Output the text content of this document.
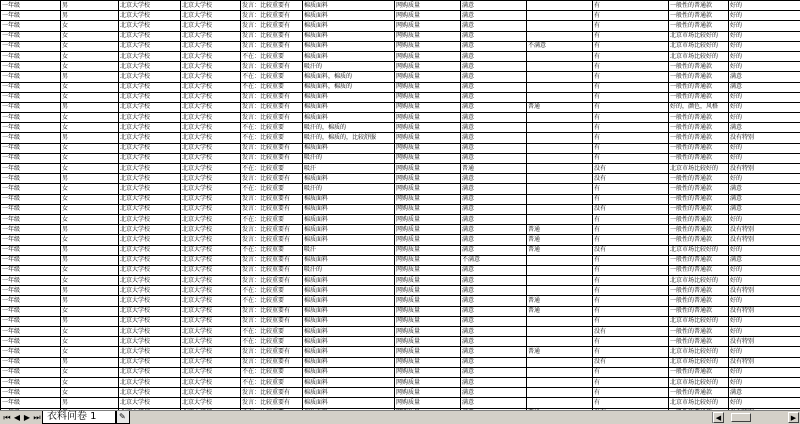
一年级	男	北京大学校	北京大学校	发言：比较重要有	棉质面料	网购质量	满意		有	一般性的普通款	好的
一年级	男	北京大学校	北京大学校	发言：比较重要有	棉质面料	网购质量	满意		有	一般性的普通款	好的
一年级	女	北京大学校	北京大学校	发言：比较重要有	棉质面料	网购质量	满意		有	一般性的普通款	好的
一年级	女	北京大学校	北京大学校	发言：比较重要有	棉质面料	网购质量	满意		有	北京市场比较好的	好的
一年级	女	北京大学校	北京大学校	发言：比较重要有	棉质面料	网购质量	满意	不满意	有	北京市场比较好的	好的
一年级	女	北京大学校	北京大学校	不在：比较重要	棉质面料	网购质量	满意		有	北京市场比较好的	好的
一年级	女	北京大学校	北京大学校	发言：比较重要有	吸汗的	网购质量	满意		有	一般性的普通款	好的
一年级	男	北京大学校	北京大学校	不在：比较重要	棉质面料，棉质的	网购质量	满意		有	一般性的普通款	满意
一年级	女	北京大学校	北京大学校	不在：比较重要	棉质面料，棉质的	网购质量	满意		有	一般性的普通款	满意
一年级	女	北京大学校	北京大学校	发言：比较重要有	棉质面料	网购质量	满意		有	一般性的普通款	好的
一年级	男	北京大学校	北京大学校	发言：比较重要有	棉质面料	网购质量	满意	普通	有	好的，颜色，风格	好的
一年级	女	北京大学校	北京大学校	发言：比较重要有	棉质面料	网购质量	满意		有	一般性的普通款	好的
一年级	女	北京大学校	北京大学校	不在：比较重要	吸汗的，棉质的	网购质量	满意		有	一般性的普通款	满意
一年级	男	北京大学校	北京大学校	不在：比较重要	吸汗的，棉质的，比较舒服	网购质量	满意		有	一般性的普通款	没有特别
一年级	女	北京大学校	北京大学校	发言：比较重要有	棉质面料	网购质量	满意		有	一般性的普通款	好的
一年级	女	北京大学校	北京大学校	发言：比较重要有	吸汗的	网购质量	满意		有	一般性的普通款	好的
一年级	女	北京大学校	北京大学校	不在：比较重要	吸汗	网购质量	普通		没有	北京市场比较好的	没有特别
一年级	男	北京大学校	北京大学校	发言：比较重要有	棉质面料	网购质量	满意		没有	一般性的普通款	好的
一年级	女	北京大学校	北京大学校	不在：比较重要	吸汗的	网购质量	满意		有	一般性的普通款	满意
一年级	女	北京大学校	北京大学校	发言：比较重要有	棉质面料	网购质量	满意		有	一般性的普通款	满意
一年级	女	北京大学校	北京大学校	发言：比较重要有	棉质面料	网购质量	满意		没有	一般性的普通款	满意
一年级	女	北京大学校	北京大学校	不在：比较重要	棉质面料	网购质量	满意		有	一般性的普通款	好的
一年级	男	北京大学校	北京大学校	发言：比较重要有	棉质面料	网购质量	满意	普通	有	一般性的普通款	没有特别
一年级	女	北京大学校	北京大学校	发言：比较重要有	棉质面料	网购质量	满意	普通	有	一般性的普通款	没有特别
一年级	男	北京大学校	北京大学校	不在：比较重要	吸汗	网购质量	满意	普通	没有	北京市场比较好的	好的
一年级	男	北京大学校	北京大学校	发言：比较重要有	棉质面料	网购质量	不满意		有	一般性的普通款	满意
一年级	女	北京大学校	北京大学校	发言：比较重要有	吸汗的	网购质量	满意		有	一般性的普通款	好的
一年级	女	北京大学校	北京大学校	发言：比较重要有	棉质面料	网购质量	满意		有	北京市场比较好的	好的
一年级	男	北京大学校	北京大学校	不在：比较重要	棉质面料	网购质量	满意		有	一般性的普通款	没有特别
一年级	男	北京大学校	北京大学校	不在：比较重要	棉质面料	网购质量	满意	普通	有	一般性的普通款	好的
一年级	女	北京大学校	北京大学校	发言：比较重要有	棉质面料	网购质量	满意	普通	有	一般性的普通款	没有特别
一年级	男	北京大学校	北京大学校	发言：比较重要有	棉质面料	网购质量	满意		有	北京市场比较好的	好的
一年级	女	北京大学校	北京大学校	不在：比较重要	棉质面料	网购质量	满意		没有	一般性的普通款	好的
一年级	女	北京大学校	北京大学校	不在：比较重要	棉质面料	网购质量	满意		有	一般性的普通款	没有特别
一年级	女	北京大学校	北京大学校	发言：比较重要有	棉质面料	网购质量	满意	普通	有	北京市场比较好的	好的
一年级	男	北京大学校	北京大学校	发言：比较重要有	棉质面料	网购质量	满意		没有	北京市场比较好的	没有特别
一年级	女	北京大学校	北京大学校	不在：比较重要	棉质面料	网购质量	满意		有	一般性的普通款	好的
一年级	女	北京大学校	北京大学校	不在：比较重要	棉质面料	网购质量	满意		有	北京市场比较好的	好的
一年级	女	北京大学校	北京大学校	发言：比较重要有	棉质面料	网购质量	满意		有	一般性的普通款	满意
一年级	男	北京大学校	北京大学校	发言：比较重要有	棉质面料	网购质量	满意		有	北京市场比较好的	好的

⏮ ◀ ▶ ⏭ 衣料问卷 1	✎	◀	▶
